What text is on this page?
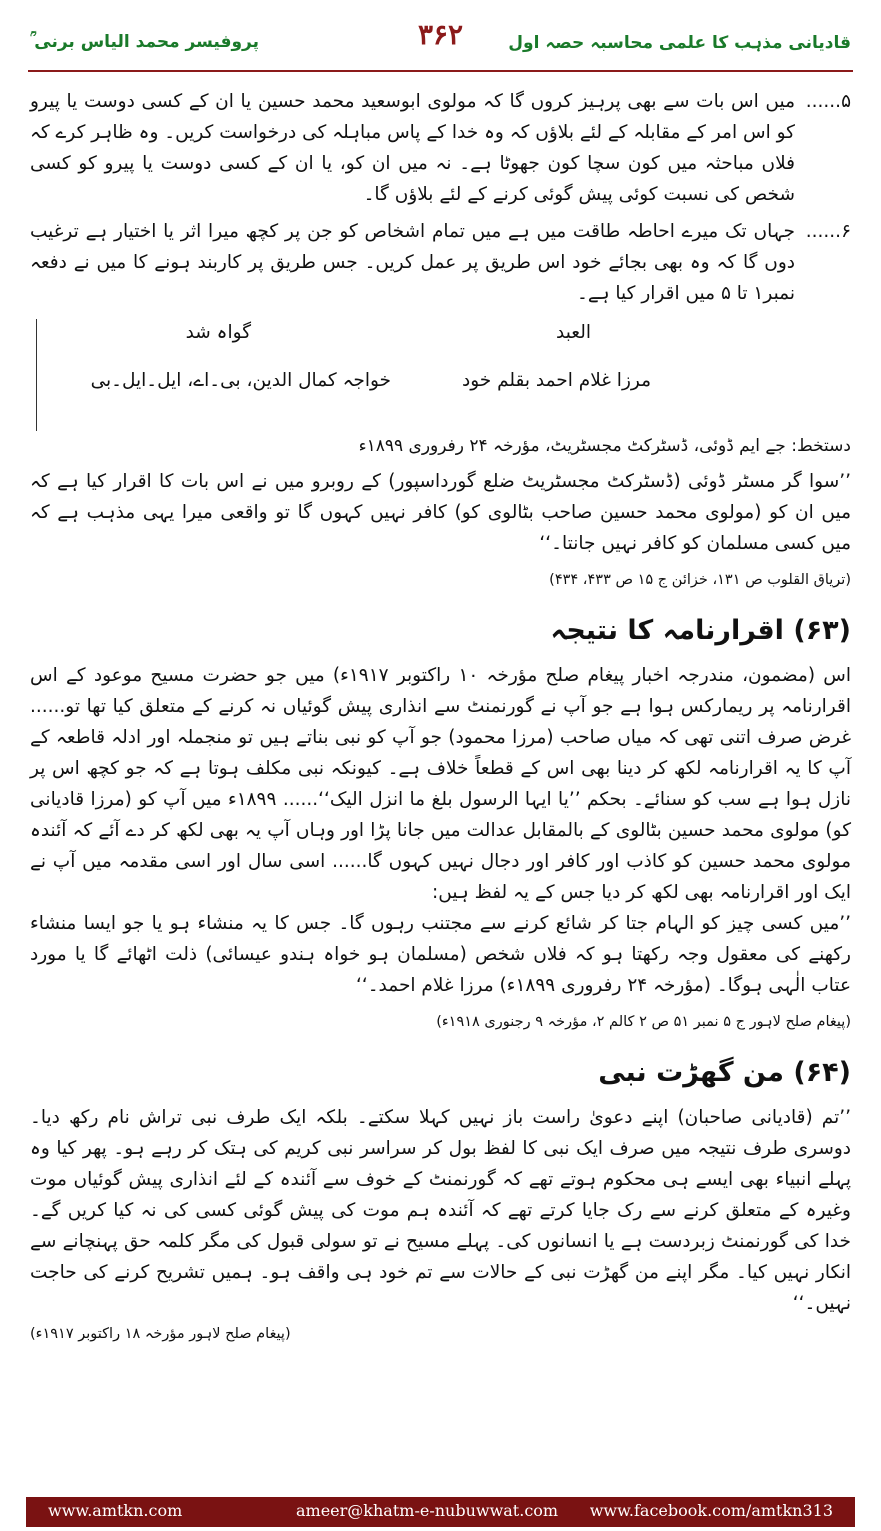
قادیانی مذہب کا علمی محاسبہ حصہ اول
۳۶۲
پروفیسر محمد الیاس برنی ؒ
۵......
میں اس بات سے بھی پرہیز کروں گا کہ مولوی ابوسعید محمد حسین یا ان کے کسی دوست یا پیرو کو اس امر کے مقابلہ کے لئے بلاؤں کہ وہ خدا کے پاس مباہلہ کی درخواست کریں۔ وہ ظاہر کرے کہ فلاں مباحثہ میں کون سچا کون جھوٹا ہے۔ نہ میں ان کو، یا ان کے کسی دوست یا پیرو کو کسی شخص کی نسبت کوئی پیش گوئی کرنے کے لئے بلاؤں گا۔
۶......
جہاں تک میرے احاطہ طاقت میں ہے میں تمام اشخاص کو جن پر کچھ میرا اثر یا اختیار ہے ترغیب دوں گا کہ وہ بھی بجائے خود اس طریق پر عمل کریں۔ جس طریق پر کاربند ہونے کا میں نے دفعہ نمبر۱ تا ۵ میں اقرار کیا ہے۔
العبد
گواہ شد
مرزا غلام احمد بقلم خود
خواجہ کمال الدین، بی۔اے، ایل۔ایل۔بی
دستخط: جے ایم ڈوئی، ڈسٹرکٹ مجسٹریٹ، مؤرخہ ۲۴ رفروری ۱۸۹۹ء

’’سوا گر مسٹر ڈوئی (ڈسٹرکٹ مجسٹریٹ ضلع گورداسپور) کے روبرو میں نے اس بات کا اقرار کیا ہے کہ میں ان کو (مولوی محمد حسین صاحب بٹالوی کو) کافر نہیں کہوں گا تو واقعی میرا یہی مذہب ہے کہ میں کسی مسلمان کو کافر نہیں جانتا۔‘‘

(تریاق القلوب ص ۱۳۱، خزائن ج ۱۵ ص ۴۳۳، ۴۳۴)
(۶۳) اقرارنامہ کا نتیجہ

اس (مضمون، مندرجہ اخبار پیغام صلح مؤرخہ ۱۰ راکتوبر ۱۹۱۷ء) میں جو حضرت مسیح موعود کے اس اقرارنامہ پر ریمارکس ہوا ہے جو آپ نے گورنمنٹ سے انذاری پیش گوئیاں نہ کرنے کے متعلق کیا تھا تو...... غرض صرف اتنی تھی کہ میاں صاحب (مرزا محمود) جو آپ کو نبی بناتے ہیں تو منجملہ اور ادلہ قاطعہ کے آپ کا یہ اقرارنامہ لکھ کر دینا بھی اس کے قطعاً خلاف ہے۔ کیونکہ نبی مکلف ہوتا ہے کہ جو کچھ اس پر نازل ہوا ہے سب کو سنائے۔ بحکم ’’یا ایہا الرسول بلغ ما انزل الیک‘‘...... ۱۸۹۹ء میں آپ کو (مرزا قادیانی کو) مولوی محمد حسین بٹالوی کے بالمقابل عدالت میں جانا پڑا اور وہاں آپ یہ بھی لکھ کر دے آئے کہ آئندہ مولوی محمد حسین کو کاذب اور کافر اور دجال نہیں کہوں گا...... اسی سال اور اسی مقدمہ میں آپ نے ایک اور اقرارنامہ بھی لکھ کر دیا جس کے یہ لفظ ہیں:

’’میں کسی چیز کو الہام جتا کر شائع کرنے سے مجتنب رہوں گا۔ جس کا یہ منشاء ہو یا جو ایسا منشاء رکھنے کی معقول وجہ رکھتا ہو کہ فلاں شخص (مسلمان ہو خواہ ہندو عیسائی) ذلت اٹھائے گا یا مورد عتاب الٰہی ہوگا۔ (مؤرخہ ۲۴ رفروری ۱۸۹۹ء) مرزا غلام احمد۔‘‘

(پیغام صلح لاہور ج ۵ نمبر ۵۱ ص ۲ کالم ۲، مؤرخہ ۹ رجنوری ۱۹۱۸ء)
(۶۴) من گھڑت نبی

’’تم (قادیانی صاحبان) اپنے دعویٰ راست باز نہیں کہلا سکتے۔ بلکہ ایک طرف نبی تراش نام رکھ دیا۔ دوسری طرف نتیجہ میں صرف ایک نبی کا لفظ بول کر سراسر نبی کریم کی ہتک کر رہے ہو۔ پھر کیا وہ پہلے انبیاء بھی ایسے ہی محکوم ہوتے تھے کہ گورنمنٹ کے خوف سے آئندہ کے لئے انذاری پیش گوئیاں موت وغیرہ کے متعلق کرنے سے رک جایا کرتے تھے کہ آئندہ ہم موت کی پیش گوئی کسی کی نہ کیا کریں گے۔ خدا کی گورنمنٹ زبردست ہے یا انسانوں کی۔ پہلے مسیح نے تو سولی قبول کی مگر کلمہ حق پہنچانے سے انکار نہیں کیا۔ مگر اپنے من گھڑت نبی کے حالات سے تم خود ہی واقف ہو۔ ہمیں تشریح کرنے کی حاجت نہیں۔‘‘

(پیغام صلح لاہور مؤرخہ ۱۸ راکتوبر ۱۹۱۷ء)
www.amtkn.com	ameer@khatm-e-nubuwwat.com www.facebook.com/amtkn313
